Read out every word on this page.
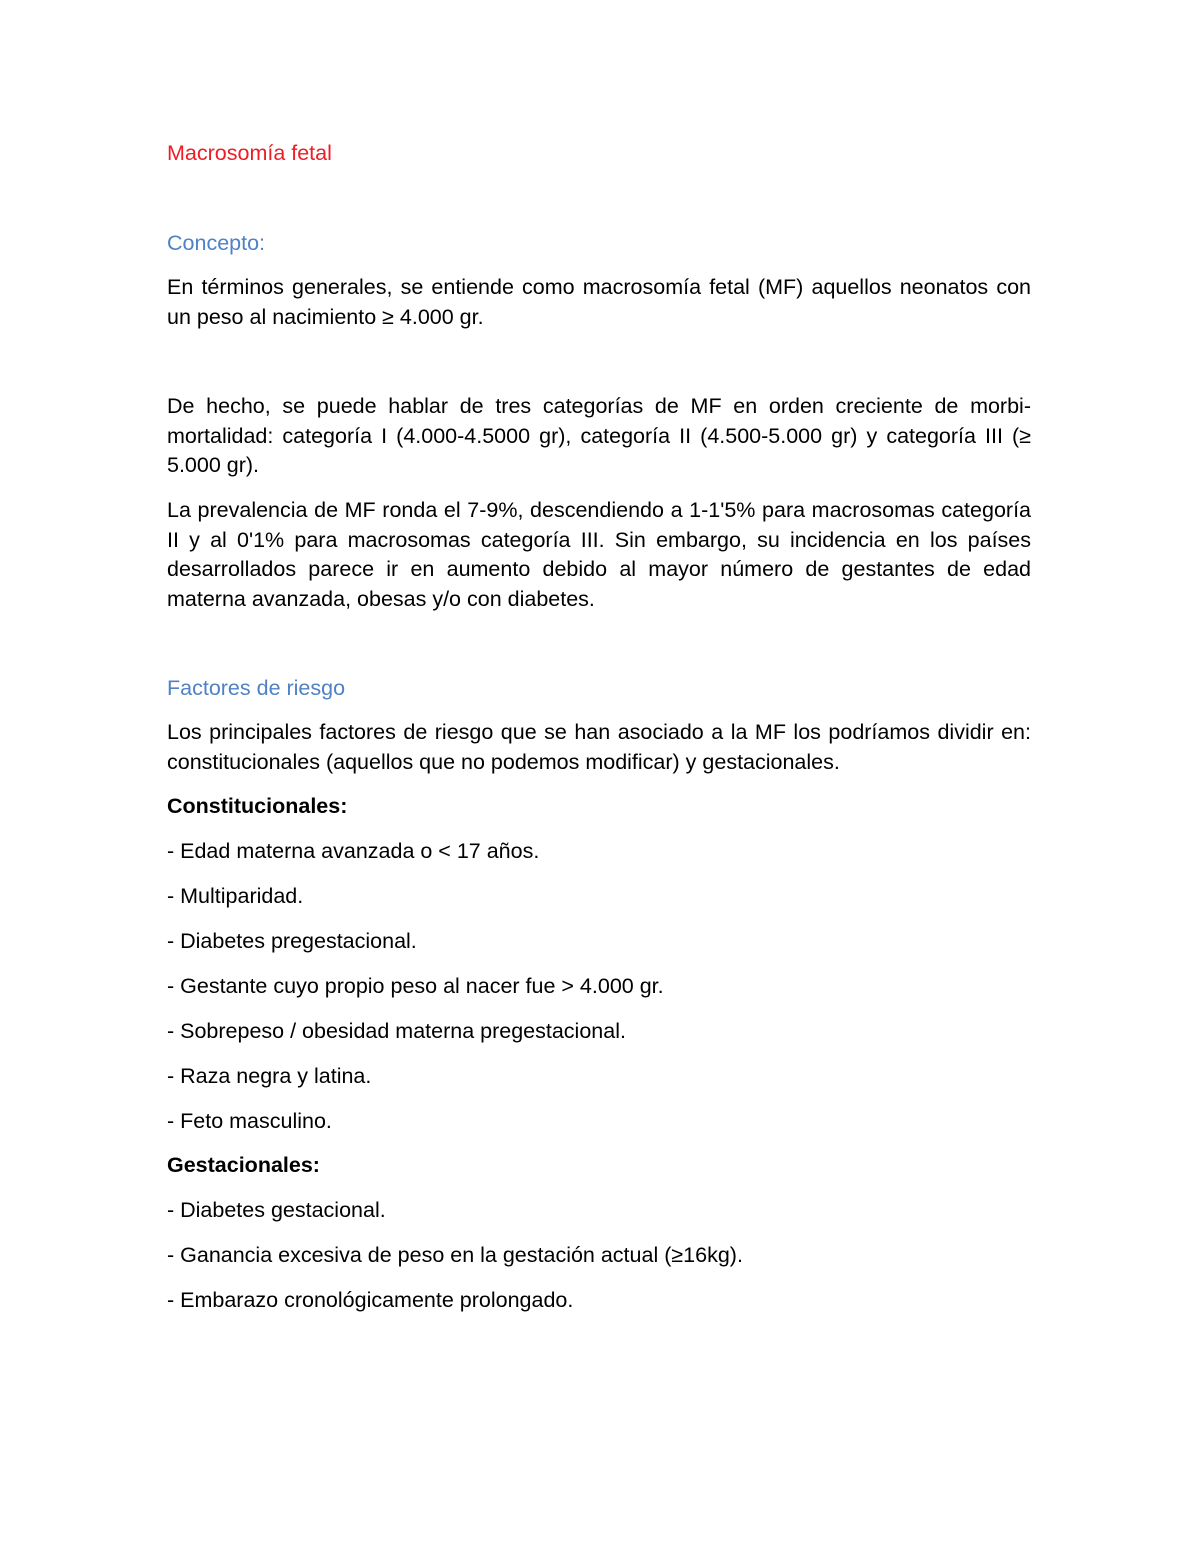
Macrosomía fetal

Concepto:

En términos generales, se entiende como macrosomía fetal (MF) aquellos neonatos con un peso al nacimiento ≥ 4.000 gr.

De hecho, se puede hablar de tres categorías de MF en orden creciente de morbi-mortalidad: categoría I (4.000-4.5000 gr), categoría II (4.500-5.000 gr) y categoría III (≥ 5.000 gr).

La prevalencia de MF ronda el 7-9%, descendiendo a 1-1'5% para macrosomas categoría II y al 0'1% para macrosomas categoría III. Sin embargo, su incidencia en los países desarrollados parece ir en aumento debido al mayor número de gestantes de edad materna avanzada, obesas y/o con diabetes.

Factores de riesgo

Los principales factores de riesgo que se han asociado a la MF los podríamos dividir en: constitucionales (aquellos que no podemos modificar) y gestacionales.

Constitucionales:

- Edad materna avanzada o < 17 años.

- Multiparidad.

- Diabetes pregestacional.

- Gestante cuyo propio peso al nacer fue > 4.000 gr.

- Sobrepeso / obesidad materna pregestacional.

- Raza negra y latina.

- Feto masculino.

Gestacionales:

- Diabetes gestacional.

- Ganancia excesiva de peso en la gestación actual (≥16kg).

- Embarazo cronológicamente prolongado.
